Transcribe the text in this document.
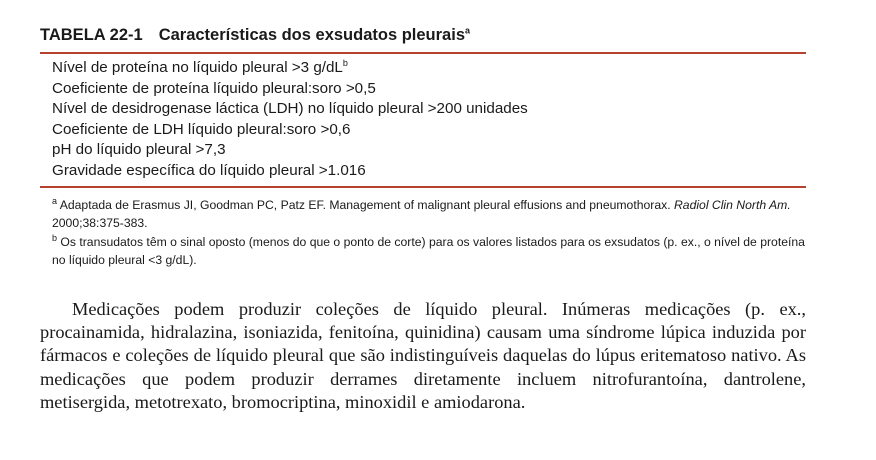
TABELA 22-1 Características dos exsudatos pleurais$^a$
Nível de proteína no líquido pleural >3 $g/dL^b$
Coeficiente de proteína líquido pleural:soro >0,5
Nível de desidrogenase láctica (LDH) no líquido pleural >200 unidades
Coeficiente de LDH líquido pleural:soro >0,6
pH do líquido pleural >7,3
Gravidade específica do líquido pleural >1.016
$^a$ Adaptada de Erasmus JI, Goodman PC, Patz EF. Management of malignant pleural effusions and pneumothorax. Radiol Clin North Am. 2000;38:375-383.
$^b$ Os transudatos têm o sinal oposto (menos do que o ponto de corte) para os valores listados para os exsudatos (p. ex., o nível de proteína no líquido pleural <3 g/dL).

Medicações podem produzir coleções de líquido pleural. Inúmeras medicações (p. ex., procainamida, hidralazina, isoniazida, fenitoína, quinidina) causam uma síndrome lúpica induzida por fármacos e coleções de líquido pleural que são indistinguíveis daquelas do lúpus eritematoso nativo. As medicações que podem produzir derrames diretamente incluem nitrofurantoína, dantrolene, metisergida, metotrexato, bromocriptina, minoxidil e amiodarona.
